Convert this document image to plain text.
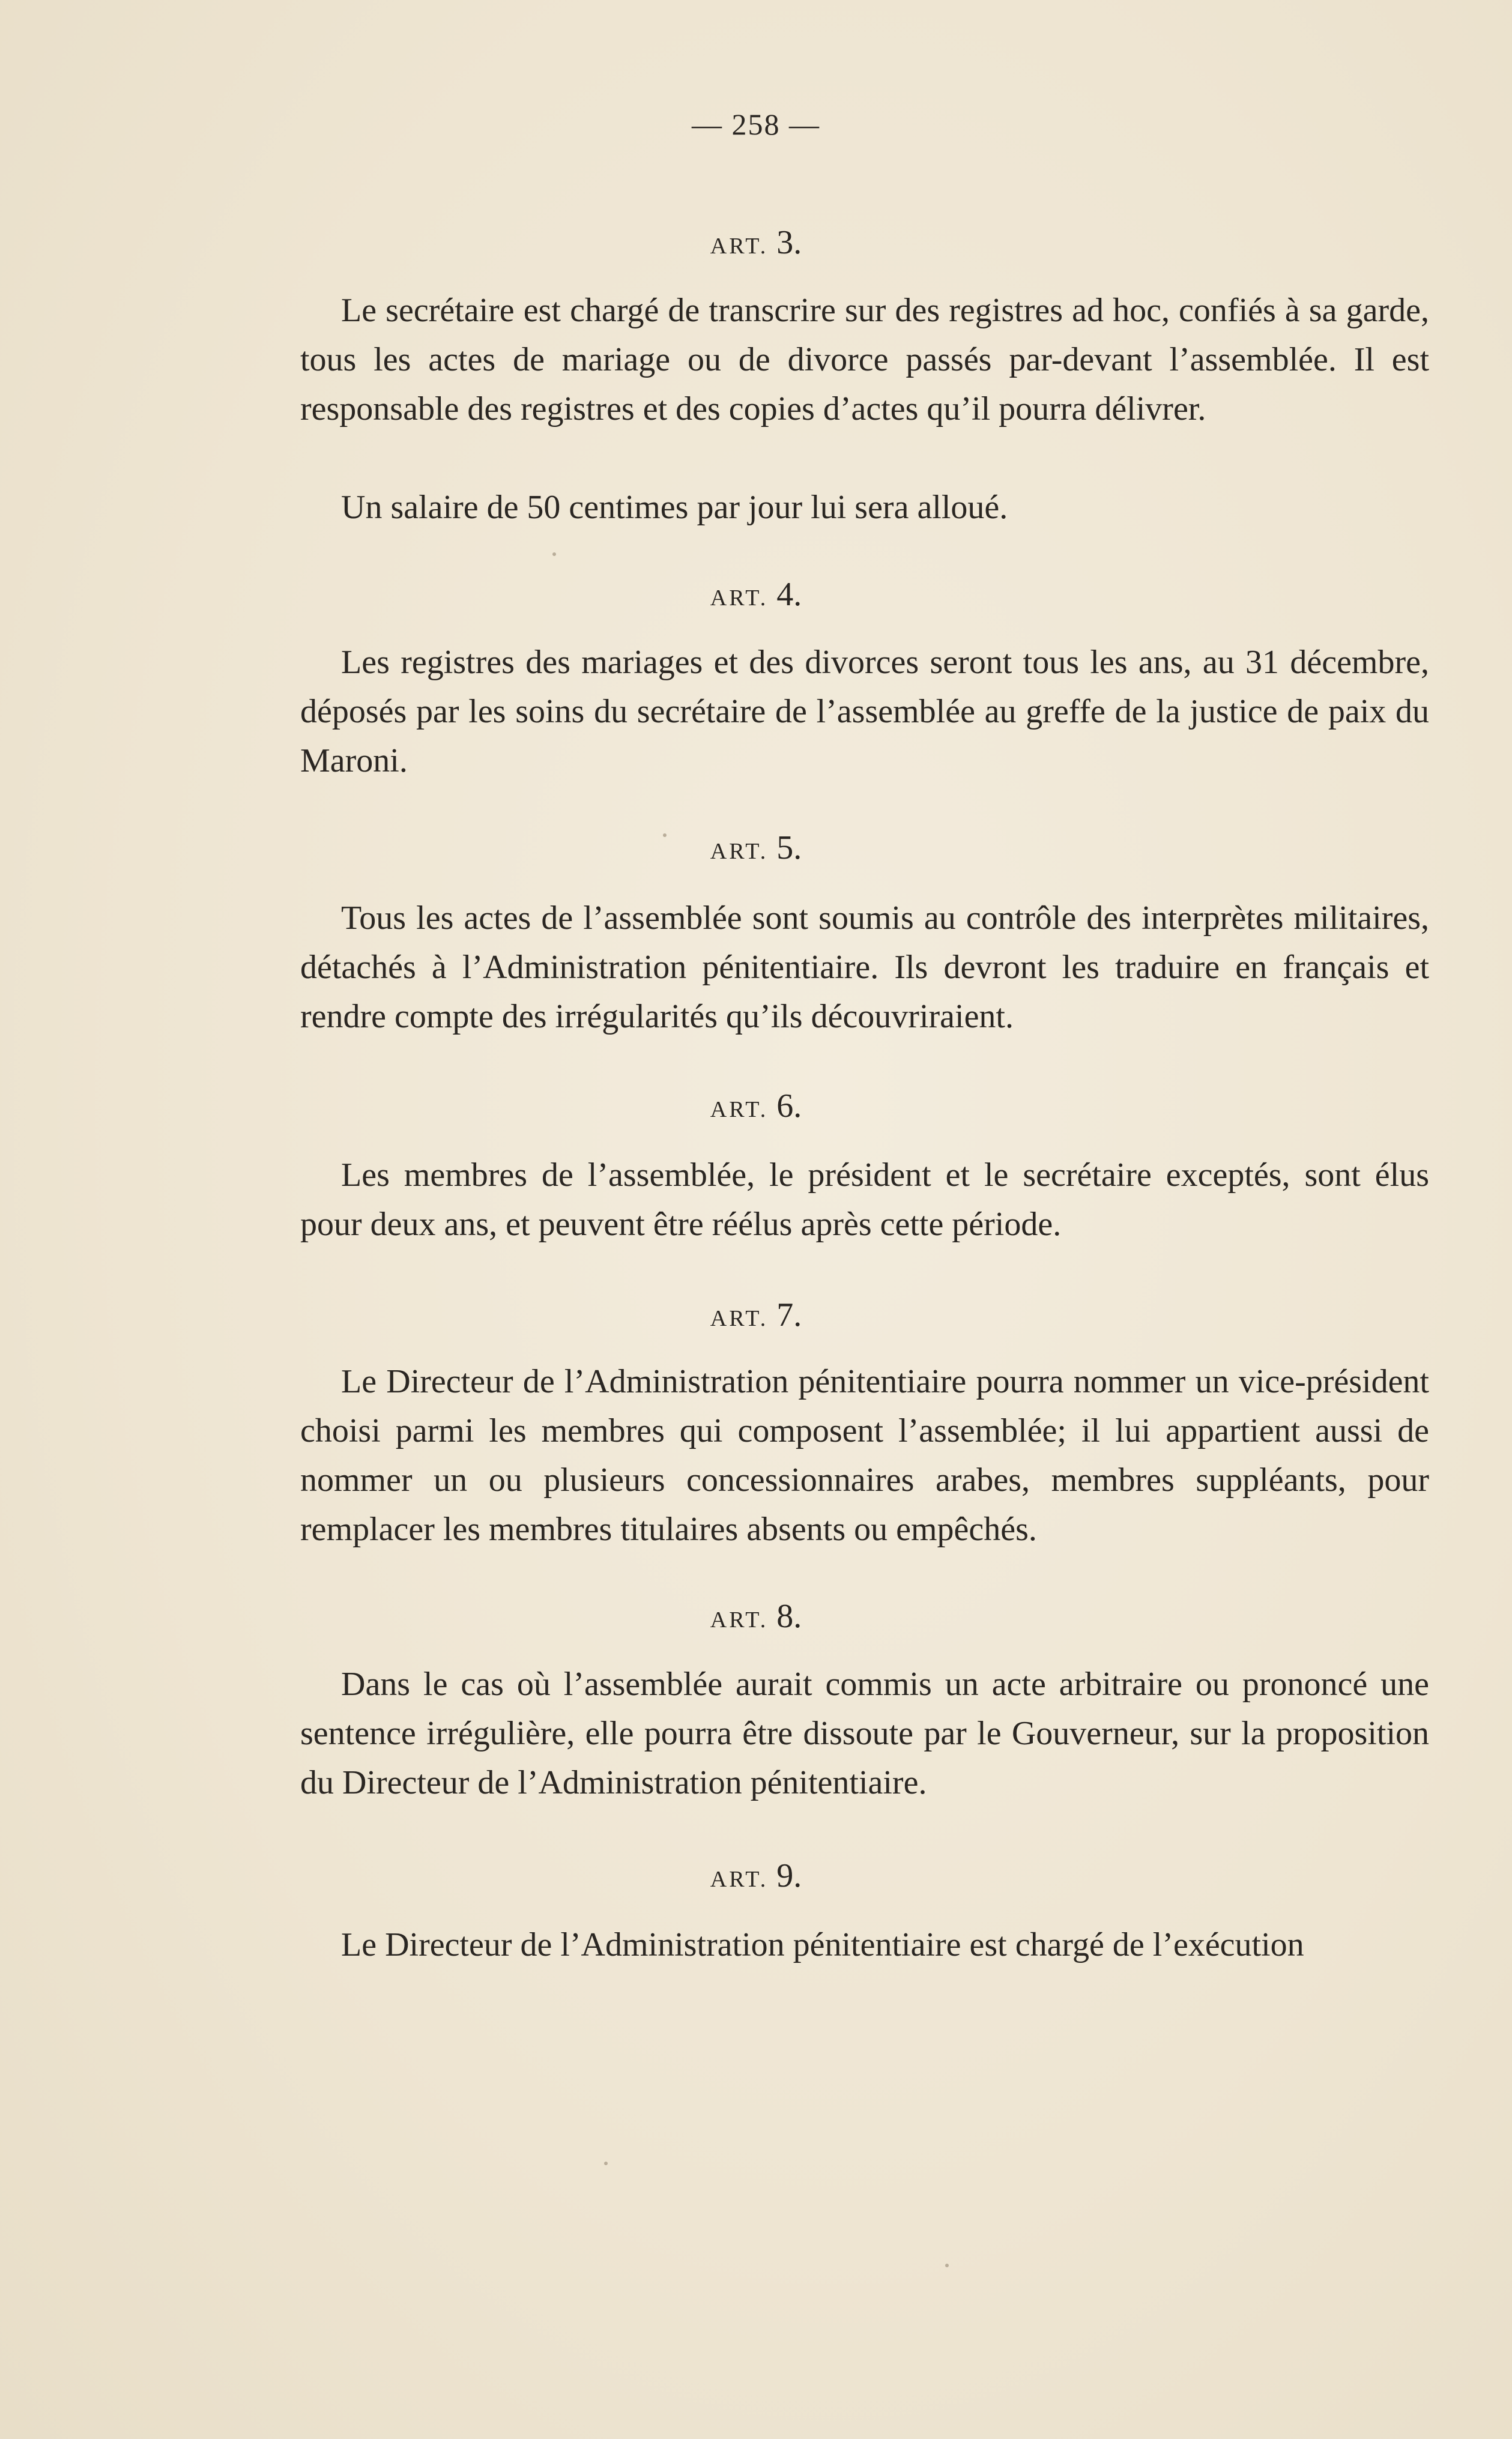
— 258 —
ART. 3.

Le secrétaire est chargé de transcrire sur des registres ad hoc, confiés à sa garde, tous les actes de mariage ou de divorce passés par-devant l’assemblée. Il est responsable des registres et des copies d’actes qu’il pourra délivrer.

Un salaire de 50 centimes par jour lui sera alloué.

ART. 4.

Les registres des mariages et des divorces seront tous les ans, au 31 décembre, déposés par les soins du secrétaire de l’assemblée au greffe de la justice de paix du Maroni.

ART. 5.

Tous les actes de l’assemblée sont soumis au contrôle des interprètes militaires, détachés à l’Administration pénitentiaire. Ils devront les traduire en français et rendre compte des irrégularités qu’ils découvriraient.

ART. 6.

Les membres de l’assemblée, le président et le secrétaire exceptés, sont élus pour deux ans, et peuvent être réélus après cette période.

ART. 7.

Le Directeur de l’Administration pénitentiaire pourra nommer un vice-président choisi parmi les membres qui composent l’assemblée; il lui appartient aussi de nommer un ou plusieurs concessionnaires arabes, membres suppléants, pour remplacer les membres titulaires absents ou empêchés.

ART. 8.

Dans le cas où l’assemblée aurait commis un acte arbitraire ou prononcé une sentence irrégulière, elle pourra être dissoute par le Gouverneur, sur la proposition du Directeur de l’Administration pénitentiaire.

ART. 9.

Le Directeur de l’Administration pénitentiaire est chargé de l’exécution
